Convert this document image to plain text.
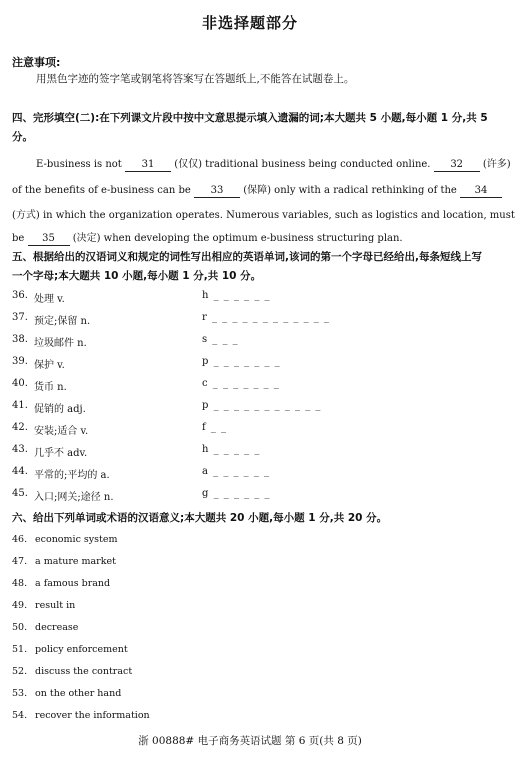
非选择题部分
注意事项:
用黑色字迹的签字笔或钢笔将答案写在答题纸上,不能答在试题卷上。
四、完形填空(二):在下列课文片段中按中文意思提示填入遗漏的词;本大题共 5 小题,每小题 1 分,共 5 分。
E-business is not 31 (仅仅) traditional business being conducted online. 32 (许多)
of the benefits of e-business can be 33 (保障) only with a radical rethinking of the 34
(方式) in which the organization operates. Numerous variables, such as logistics and location, must
be 35 (决定) when developing the optimum e-business structuring plan.
五、根据给出的汉语词义和规定的词性写出相应的英语单词,该词的第一个字母已经给出,每条短线上写一个字母;本大题共 10 小题,每小题 1 分,共 10 分。
36. 处理 v.	h _ _ _ _ _ _
37. 预定;保留 n.	r _ _ _ _ _ _ _ _ _ _ _ _
38. 垃圾邮件 n.	s _ _ _
39. 保护 v.	p _ _ _ _ _ _ _
40. 货币 n.	c _ _ _ _ _ _ _
41. 促销的 adj.	p _ _ _ _ _ _ _ _ _ _ _
42. 安装;适合 v.	f _ _
43. 几乎不 adv.	h _ _ _ _ _
44. 平常的;平均的 a.	a _ _ _ _ _ _
45. 入口;网关;途径 n.	g _ _ _ _ _ _
六、给出下列单词或术语的汉语意义;本大题共 20 小题,每小题 1 分,共 20 分。
46. economic system
47. a mature market
48. a famous brand
49. result in
50. decrease
51. policy enforcement
52. discuss the contract
53. on the other hand
54. recover the information
浙 00888# 电子商务英语试题 第 6 页(共 8 页)
